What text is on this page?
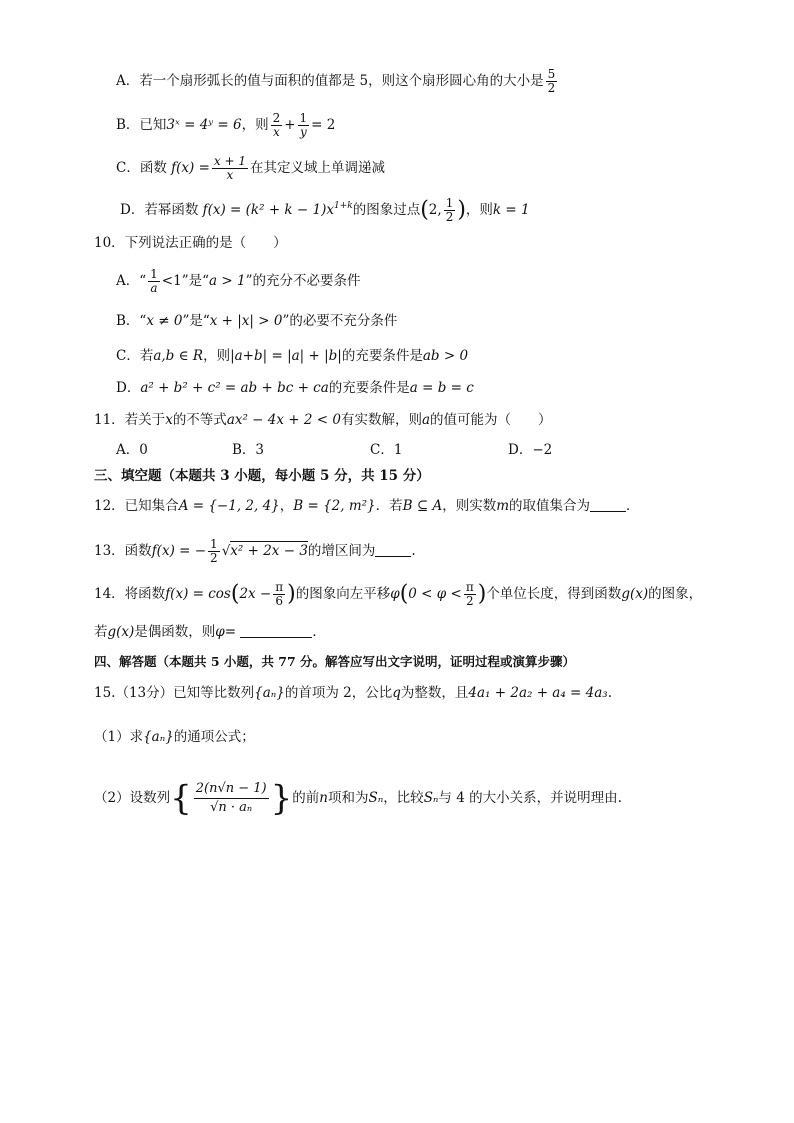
A．若一个扇形弧长的值与面积的值都是 5，则这个扇形圆心角的大小是 $\frac{5}{2}$
B．已知3ˣ = 4ʸ = 6，则 $\frac{2}{x} + \frac{1}{y} = 2$
C．函数 $f(x) = \frac{x + 1}{x}$ 在其定义域上单调递减
D．若幂函数 $f(x) = (k^2 + k - 1)x^{1+k}$的图象过点(2, $\frac{1}{2}$ )，则k = 1
10．下列说法正确的是（　　）
A．“ $\frac{1}{a} <1$”是“a > 1”的充分不必要条件
B．“x ≠ 0”是“x + |x| > 0”的必要不充分条件
C．若a,b ∈ R，则|a+b| = |a| + |b|的充要条件是ab > 0
D．a² + b² + c² = ab + bc + ca的充要条件是a = b = c
11．若关于x的不等式ax² − 4x + 2 < 0有实数解，则a的值可能为（　　）
A．0	B．3	C．1	D．−2
三、填空题（本题共 3 小题，每小题 5 分，共 15 分）
12．已知集合A = {−1, 2, 4}，B = {2, m²}．若B ⊆ A，则实数m的取值集合为	．
13．函数f(x) = − $\frac{1}{2} √x^2 + 2x - 3$的增区间为	.
14．将函数$f(x) = \cos(2x - \frac{\pi}{6}$ )的图象向左平移$\varphi(0 < \varphi < \frac{\pi}{2}$ )个单位长度，得到函数g(x)的图象，
若g(x)是偶函数，则φ=	．
四、解答题（本题共 5 小题，共 77 分。解答应写出文字说明，证明过程或演算步骤）
15.（13分）已知等比数列{aₙ}的首项为 2，公比q为整数，且4a₁ + 2a₂ + a₄ = 4a₃.
（1）求{aₙ}的通项公式；
（2）设数列{ $\frac{2(n√n - 1)}{\text{√n · aₙ}}$ }的前n项和为Sₙ，比较Sₙ与 4 的大小关系，并说明理由.
